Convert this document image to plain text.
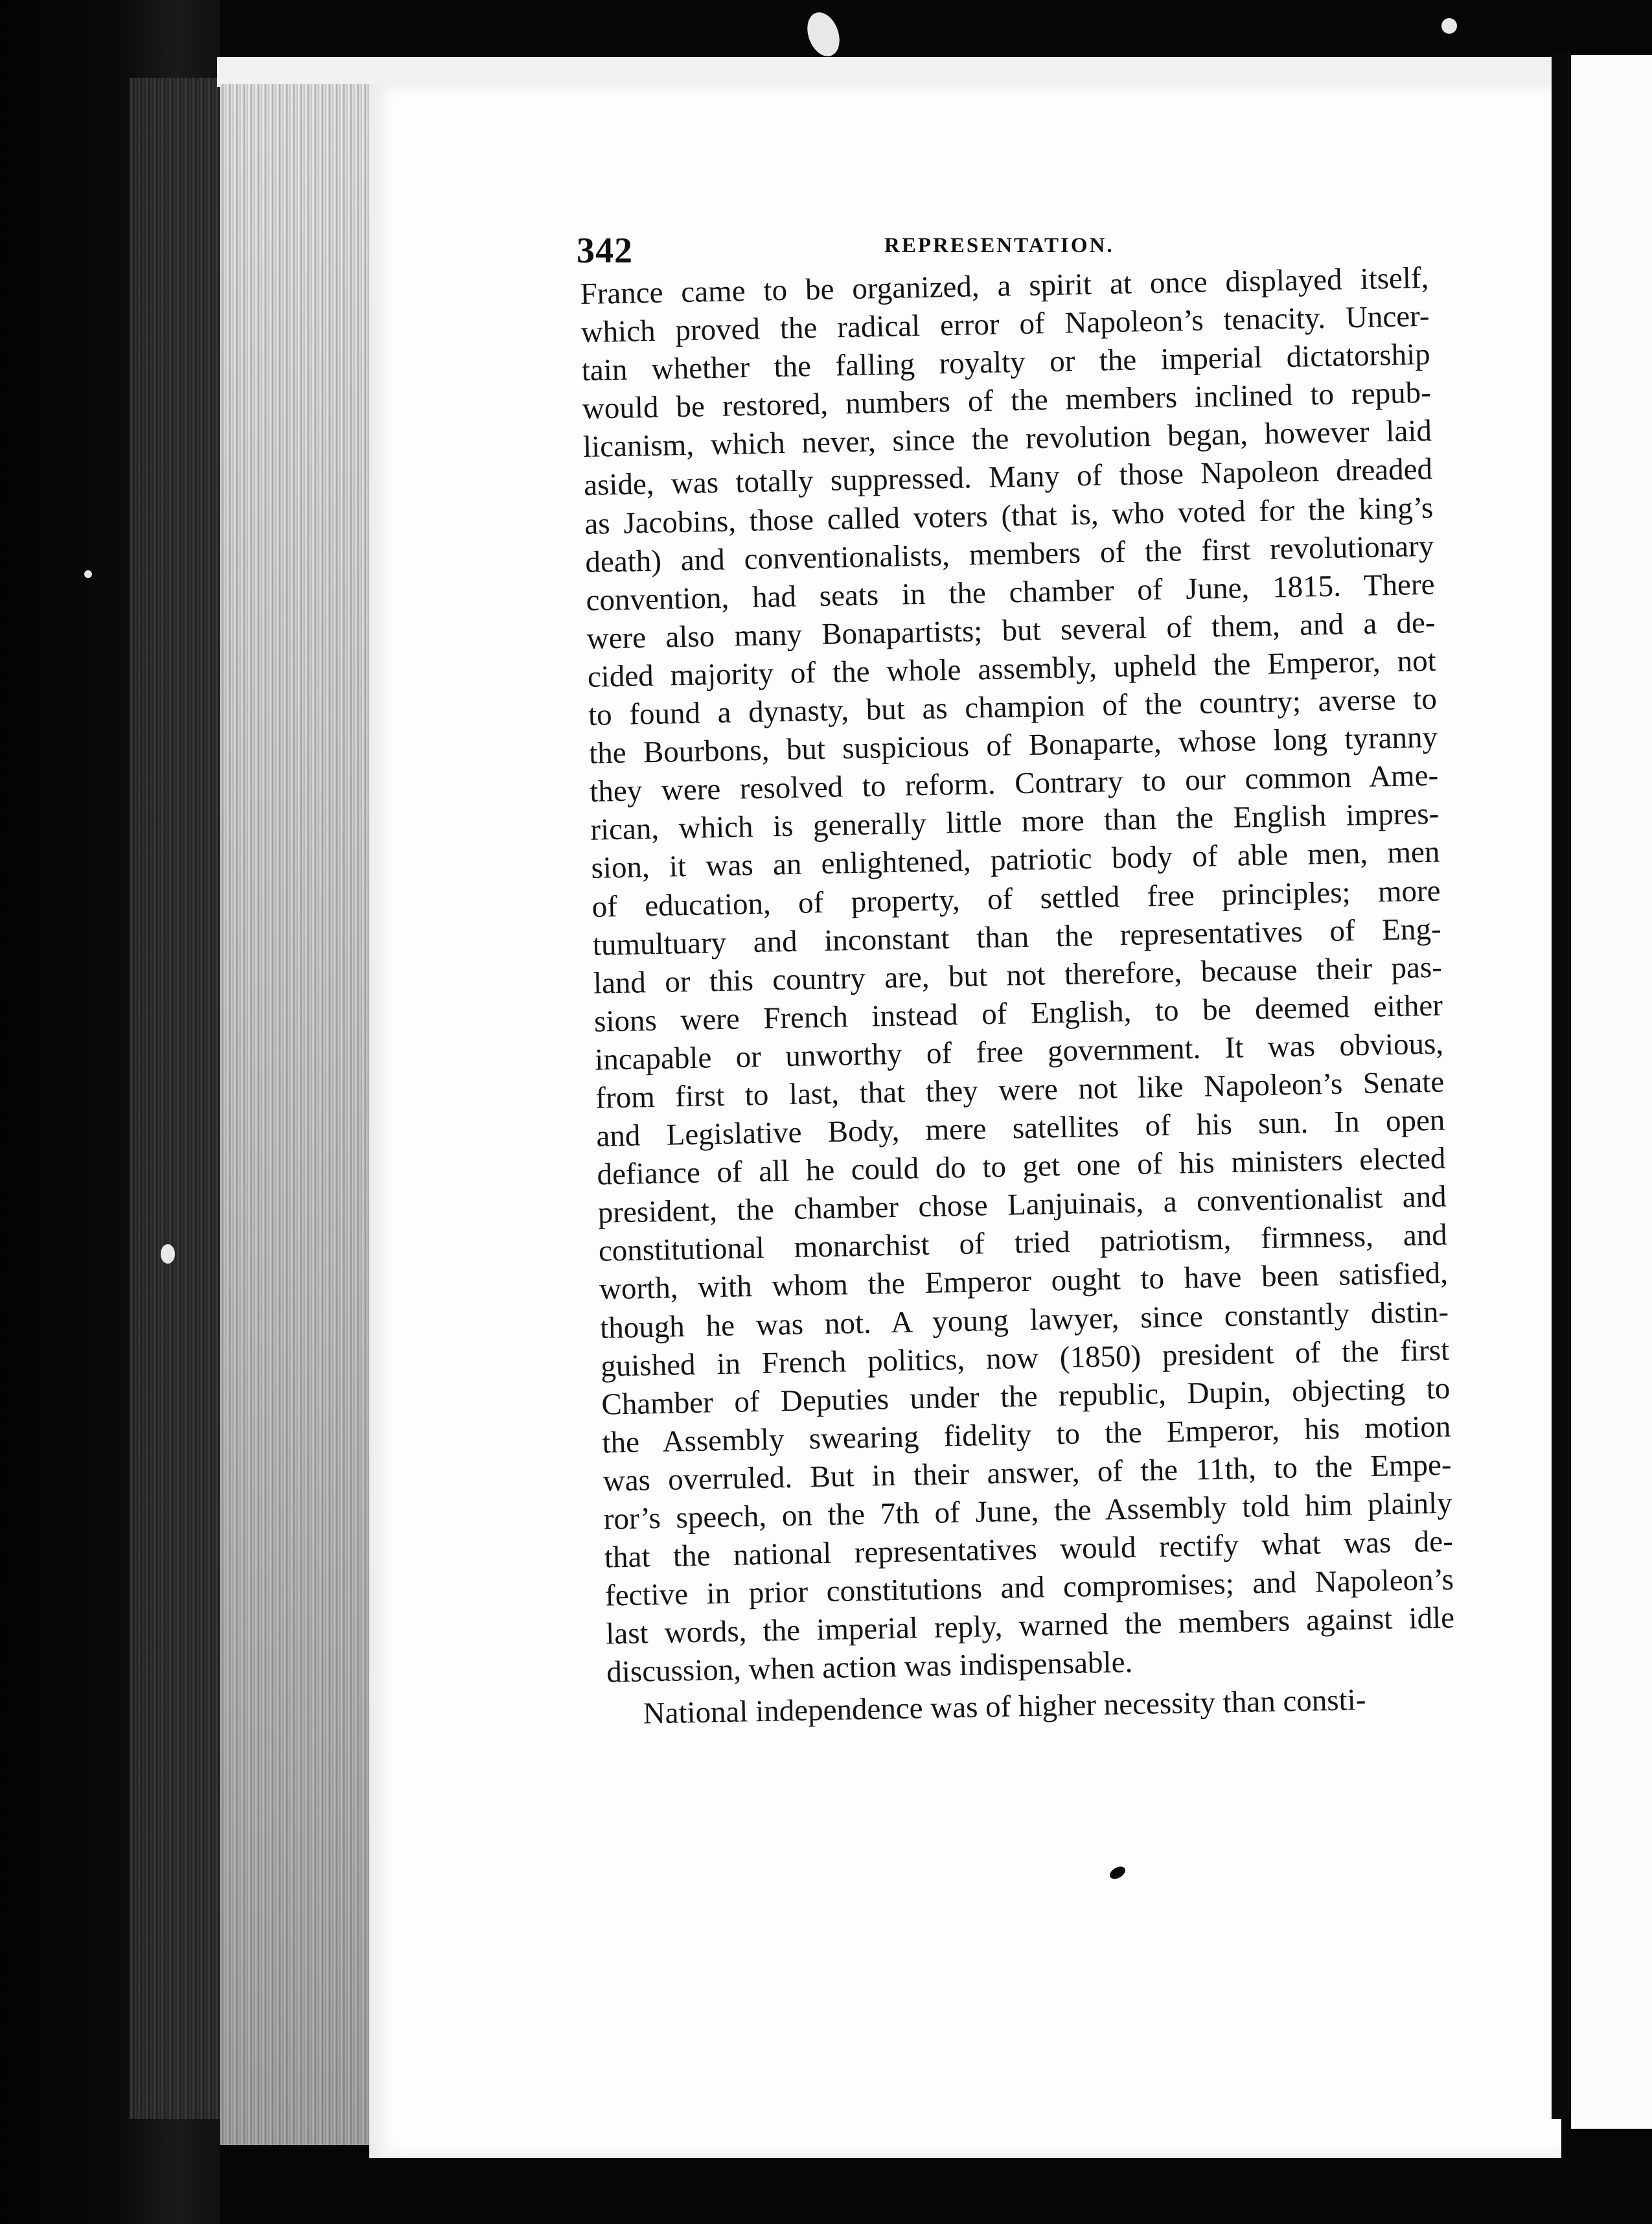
342	REPRESENTATION.
France came to be organized, a spirit at once displayed itself,
which proved the radical error of Napoleon’s tenacity. Uncer-
tain whether the falling royalty or the imperial dictatorship
would be restored, numbers of the members inclined to repub-
licanism, which never, since the revolution began, however laid
aside, was totally suppressed. Many of those Napoleon dreaded
as Jacobins, those called voters (that is, who voted for the king’s
death) and conventionalists, members of the first revolutionary
convention, had seats in the chamber of June, 1815. There
were also many Bonapartists; but several of them, and a de-
cided majority of the whole assembly, upheld the Emperor, not
to found a dynasty, but as champion of the country; averse to
the Bourbons, but suspicious of Bonaparte, whose long tyranny
they were resolved to reform. Contrary to our common Ame-
rican, which is generally little more than the English impres-
sion, it was an enlightened, patriotic body of able men, men
of education, of property, of settled free principles; more
tumultuary and inconstant than the representatives of Eng-
land or this country are, but not therefore, because their pas-
sions were French instead of English, to be deemed either
incapable or unworthy of free government. It was obvious,
from first to last, that they were not like Napoleon’s Senate
and Legislative Body, mere satellites of his sun. In open
defiance of all he could do to get one of his ministers elected
president, the chamber chose Lanjuinais, a conventionalist and
constitutional monarchist of tried patriotism, firmness, and
worth, with whom the Emperor ought to have been satisfied,
though he was not. A young lawyer, since constantly distin-
guished in French politics, now (1850) president of the first
Chamber of Deputies under the republic, Dupin, objecting to
the Assembly swearing fidelity to the Emperor, his motion
was overruled. But in their answer, of the 11th, to the Empe-
ror’s speech, on the 7th of June, the Assembly told him plainly
that the national representatives would rectify what was de-
fective in prior constitutions and compromises; and Napoleon’s
last words, the imperial reply, warned the members against idle
discussion, when action was indispensable.
National independence was of higher necessity than consti-
